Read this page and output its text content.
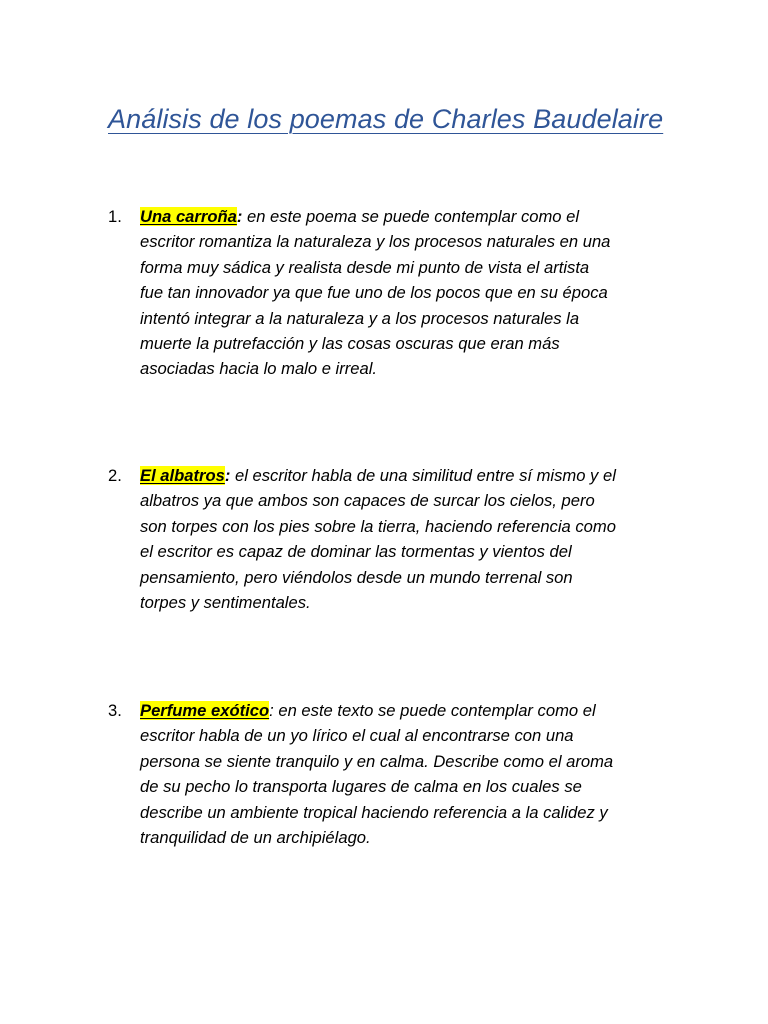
Análisis de los poemas de Charles Baudelaire
1.	Una carroña: en este poema se puede contemplar como el
escritor romantiza la naturaleza y los procesos naturales en una
forma muy sádica y realista desde mi punto de vista el artista
fue tan innovador ya que fue uno de los pocos que en su época
intentó integrar a la naturaleza y a los procesos naturales la
muerte la putrefacción y las cosas oscuras que eran más
asociadas hacia lo malo e irreal.
2.	El albatros: el escritor habla de una similitud entre sí mismo y el
albatros ya que ambos son capaces de surcar los cielos, pero
son torpes con los pies sobre la tierra, haciendo referencia como
el escritor es capaz de dominar las tormentas y vientos del
pensamiento, pero viéndolos desde un mundo terrenal son
torpes y sentimentales.
3.	Perfume exótico: en este texto se puede contemplar como el
escritor habla de un yo lírico el cual al encontrarse con una
persona se siente tranquilo y en calma. Describe como el aroma
de su pecho lo transporta lugares de calma en los cuales se
describe un ambiente tropical haciendo referencia a la calidez y
tranquilidad de un archipiélago.
